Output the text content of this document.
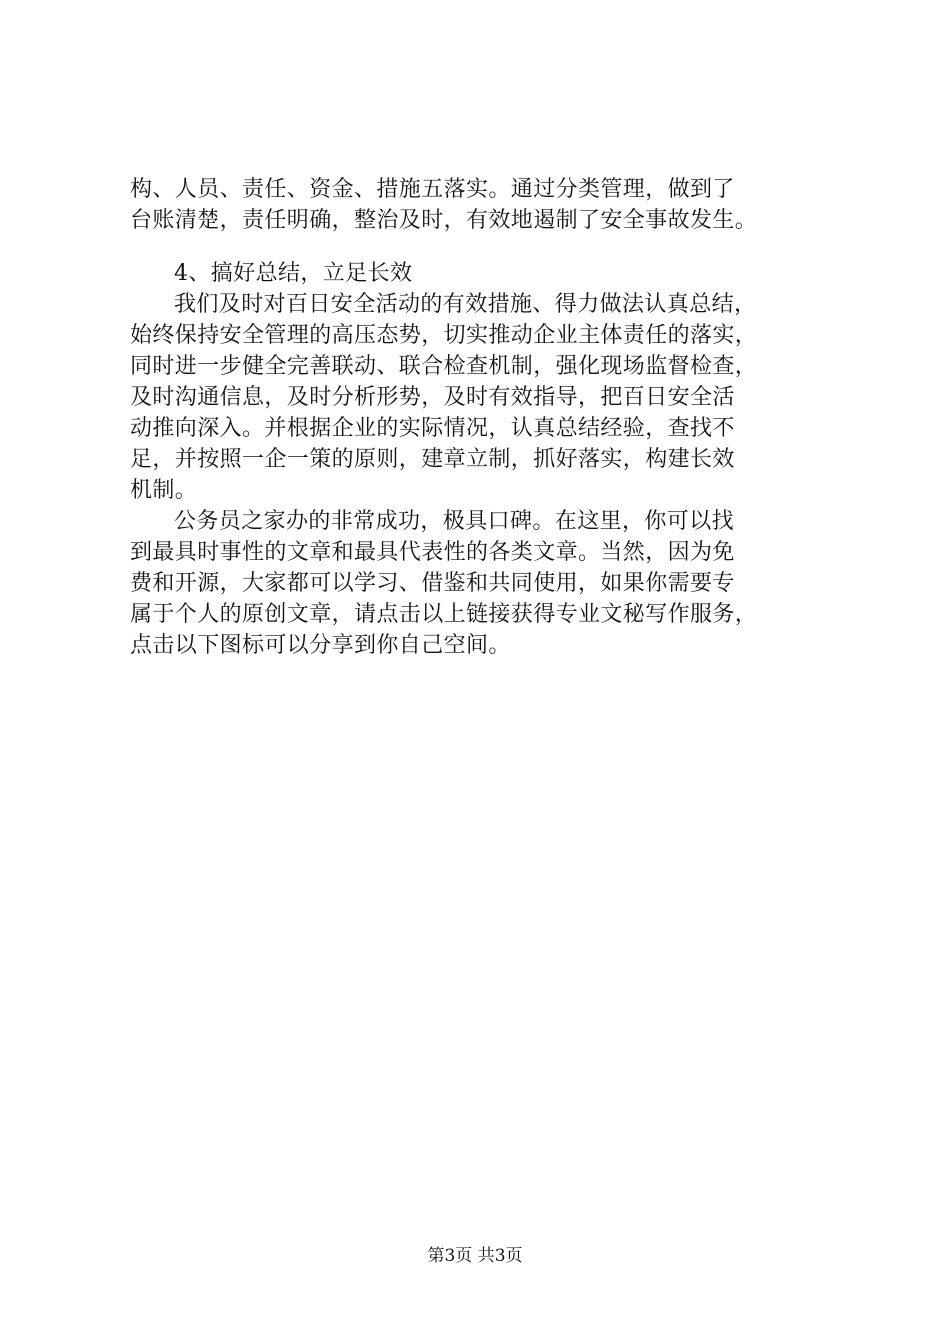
构、人员、责任、资金、措施五落实。通过分类管理，做到了
台账清楚，责任明确，整治及时，有效地遏制了安全事故发生。
4、搞好总结，立足长效
我们及时对百日安全活动的有效措施、得力做法认真总结，
始终保持安全管理的高压态势，切实推动企业主体责任的落实，
同时进一步健全完善联动、联合检查机制，强化现场监督检查，
及时沟通信息，及时分析形势，及时有效指导，把百日安全活
动推向深入。并根据企业的实际情况，认真总结经验，查找不
足，并按照一企一策的原则，建章立制，抓好落实，构建长效
机制。
公务员之家办的非常成功，极具口碑。在这里，你可以找
到最具时事性的文章和最具代表性的各类文章。当然，因为免
费和开源，大家都可以学习、借鉴和共同使用，如果你需要专
属于个人的原创文章，请点击以上链接获得专业文秘写作服务，
点击以下图标可以分享到你自己空间。
第3页 共3页
